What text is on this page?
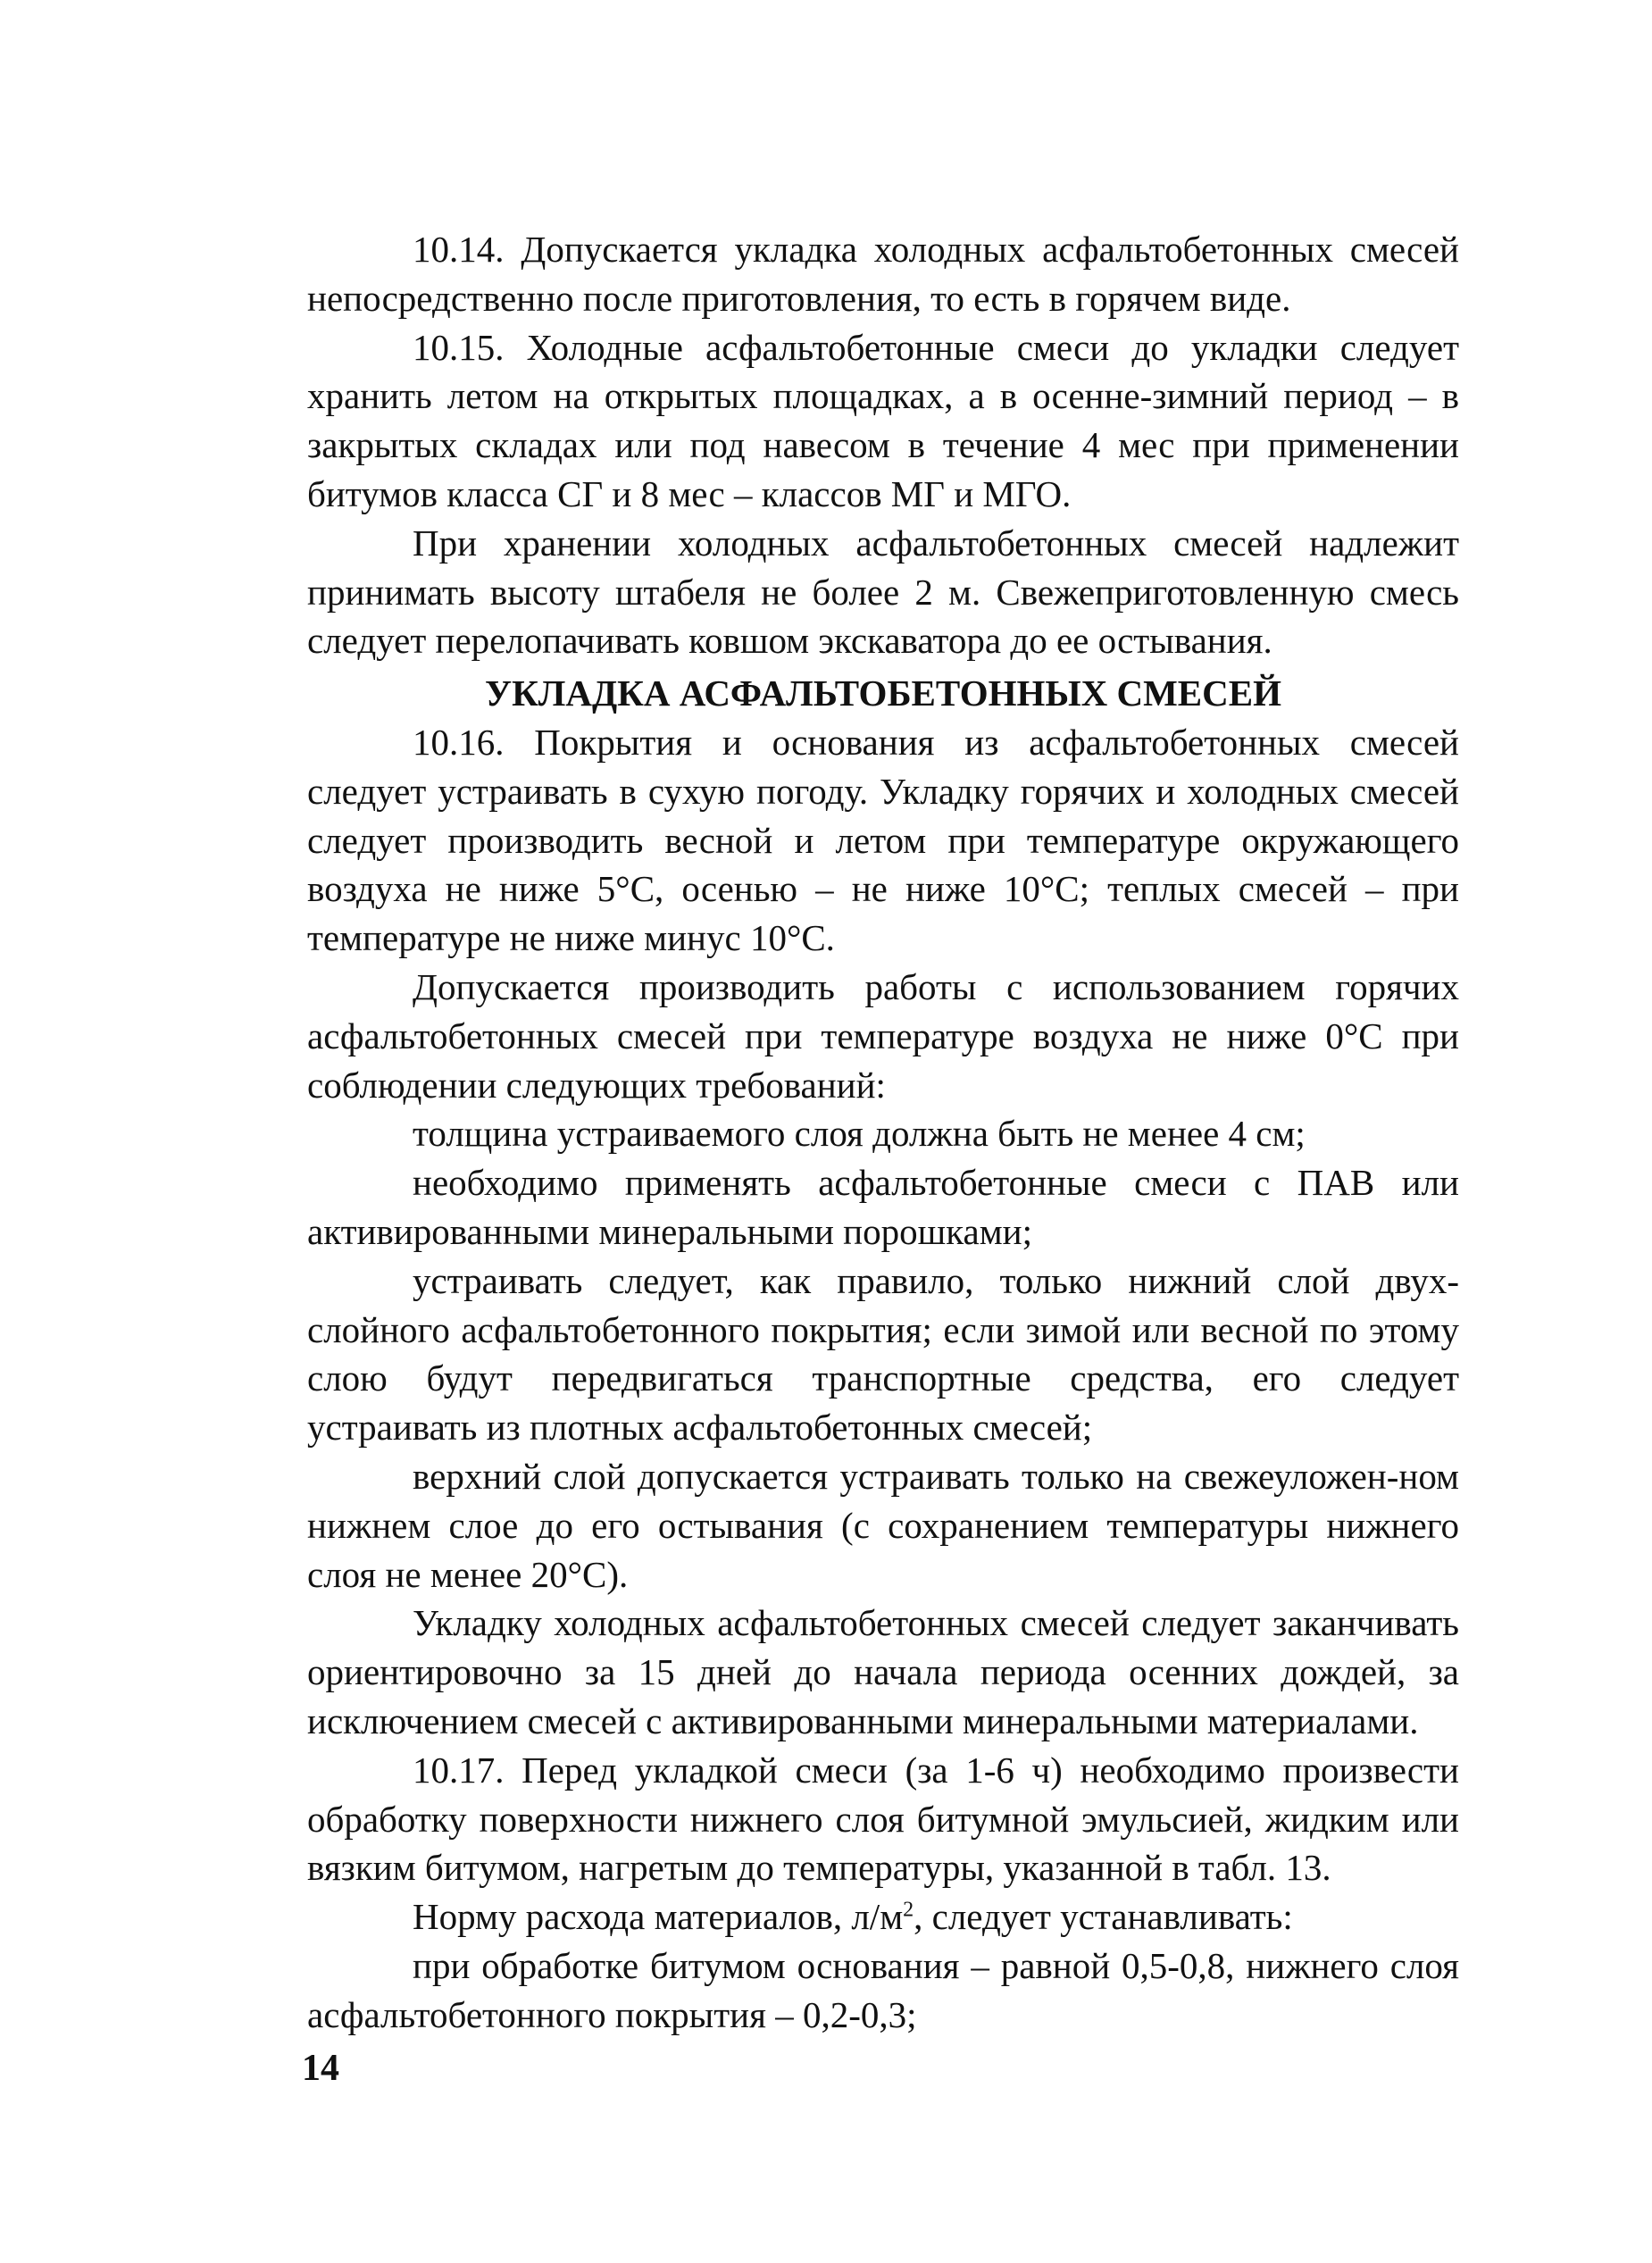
10.14. Допускается укладка холодных асфальтобетонных смесей непосредственно после приготовления, то есть в горячем виде.

10.15. Холодные асфальтобетонные смеси до укладки следует хранить летом на открытых площадках, а в осенне-зимний период – в закрытых складах или под навесом в течение 4 мес при применении битумов класса СГ и 8 мес – классов МГ и МГО.

При хранении холодных асфальтобетонных смесей надлежит принимать высоту штабеля не более 2 м. Свежеприготовленную смесь следует перелопачивать ковшом экскаватора до ее остывания.

УКЛАДКА АСФАЛЬТОБЕТОННЫХ СМЕСЕЙ

10.16. Покрытия и основания из асфальтобетонных смесей следует устраивать в сухую погоду. Укладку горячих и холодных смесей следует производить весной и летом при температуре окружающего воздуха не ниже 5°С, осенью – не ниже 10°С; теплых смесей – при температуре не ниже минус 10°С.

Допускается производить работы с использованием горячих асфальтобетонных смесей при температуре воздуха не ниже 0°С при соблюдении следующих требований:

толщина устраиваемого слоя должна быть не менее 4 см;

необходимо применять асфальтобетонные смеси с ПАВ или активированными минеральными порошками;

устраивать следует, как правило, только нижний слой двух-слойного асфальтобетонного покрытия; если зимой или весной по этому слою будут передвигаться транспортные средства, его следует устраивать из плотных асфальтобетонных смесей;

верхний слой допускается устраивать только на свежеуложен-ном нижнем слое до его остывания (с сохранением температуры нижнего слоя не менее 20°С).

Укладку холодных асфальтобетонных смесей следует заканчивать ориентировочно за 15 дней до начала периода осенних дождей, за исключением смесей с активированными минеральными материалами.

10.17. Перед укладкой смеси (за 1-6 ч) необходимо произвести обработку поверхности нижнего слоя битумной эмульсией, жидким или вязким битумом, нагретым до температуры, указанной в табл. 13.

Норму расхода материалов, $л/м^2$, следует устанавливать:

при обработке битумом основания – равной 0,5-0,8, нижнего слоя асфальтобетонного покрытия – 0,2-0,3;

14
